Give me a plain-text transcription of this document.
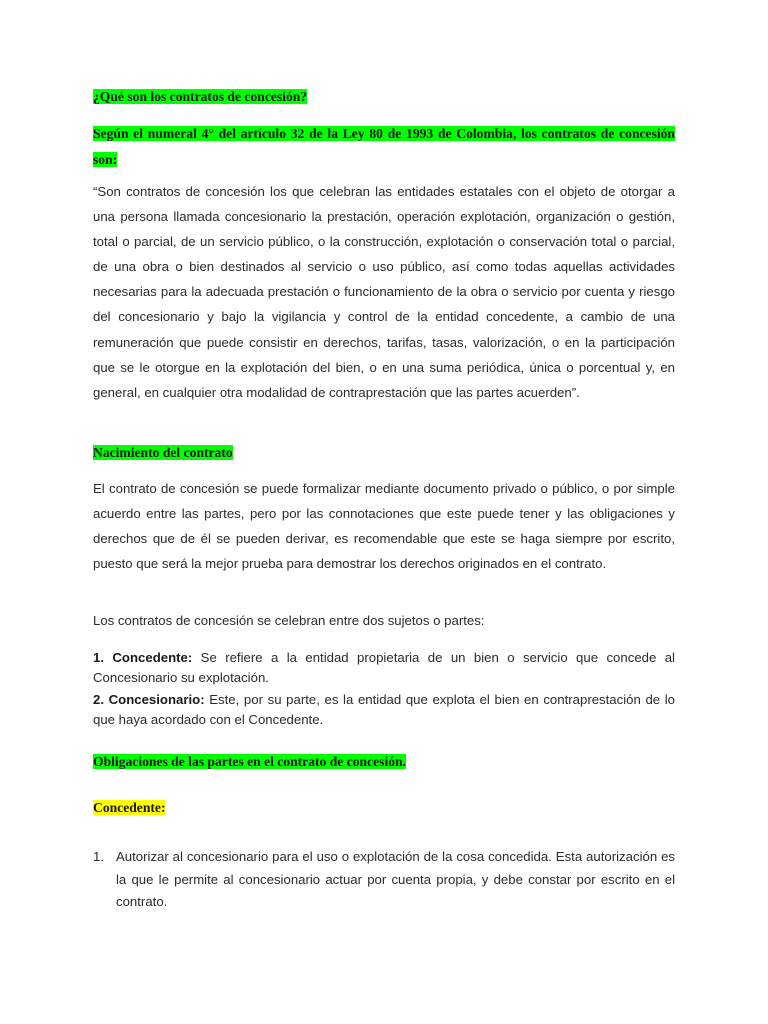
¿Qué son los contratos de concesión?

Según el numeral 4° del artículo 32 de la Ley 80 de 1993 de Colombia, los contratos de concesión son:

“Son contratos de concesión los que celebran las entidades estatales con el objeto de otorgar a una persona llamada concesionario la prestación, operación explotación, organización o gestión, total o parcial, de un servicio público, o la construcción, explotación o conservación total o parcial, de una obra o bien destinados al servicio o uso público, así como todas aquellas actividades necesarias para la adecuada prestación o funcionamiento de la obra o servicio por cuenta y riesgo del concesionario y bajo la vigilancia y control de la entidad concedente, a cambio de una remuneración que puede consistir en derechos, tarifas, tasas, valorización, o en la participación que se le otorgue en la explotación del bien, o en una suma periódica, única o porcentual y, en general, en cualquier otra modalidad de contraprestación que las partes acuerden”.

Nacimiento del contrato

El contrato de concesión se puede formalizar mediante documento privado o público, o por simple acuerdo entre las partes, pero por las connotaciones que este puede tener y las obligaciones y derechos que de él se pueden derivar, es recomendable que este se haga siempre por escrito, puesto que será la mejor prueba para demostrar los derechos originados en el contrato.

Los contratos de concesión se celebran entre dos sujetos o partes:

1. Concedente: Se refiere a la entidad propietaria de un bien o servicio que concede al Concesionario su explotación.

2. Concesionario: Este, por su parte, es la entidad que explota el bien en contraprestación de lo que haya acordado con el Concedente.

Obligaciones de las partes en el contrato de concesión.

Concedente:

1. Autorizar al concesionario para el uso o explotación de la cosa concedida. Esta autorización es la que le permite al concesionario actuar por cuenta propia, y debe constar por escrito en el contrato.
